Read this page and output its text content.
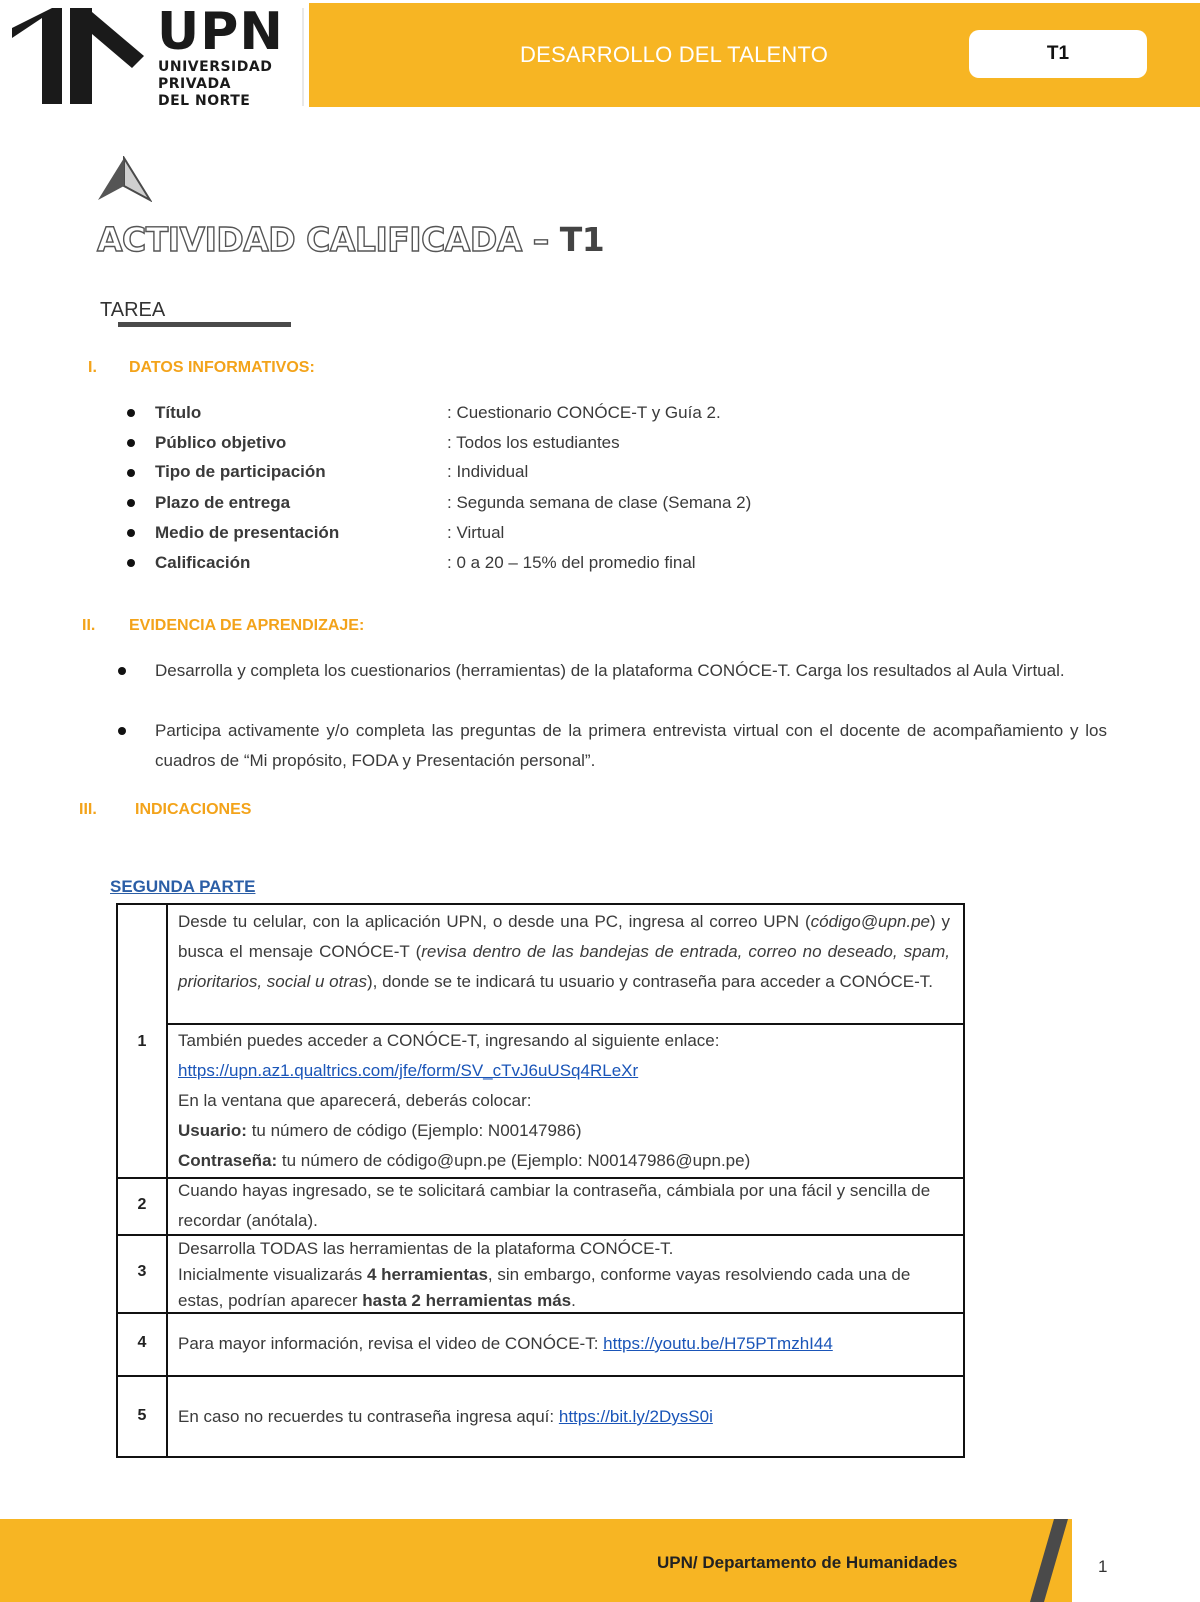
UPN
UNIVERSIDAD
PRIVADA
DEL NORTE
DESARROLLO DEL TALENTO	T1
ACTIVIDAD CALIFICADA – T1
TAREA
I. DATOS INFORMATIVOS:
Título	: Cuestionario CONÓCE-T y Guía 2.
Público objetivo	: Todos los estudiantes
Tipo de participación	: Individual
Plazo de entrega	: Segunda semana de clase (Semana 2)
Medio de presentación	: Virtual
Calificación	: 0 a 20 – 15% del promedio final
II. EVIDENCIA DE APRENDIZAJE:
Desarrolla y completa los cuestionarios (herramientas) de la plataforma CONÓCE-T. Carga los resultados al Aula Virtual.
Participa activamente y/o completa las preguntas de la primera entrevista virtual con el docente de acompañamiento y los cuadros de “Mi propósito, FODA y Presentación personal”.
III. INDICACIONES
SEGUNDA PARTE
1
Desde tu celular, con la aplicación UPN, o desde una PC, ingresa al correo UPN (código@upn.pe) y busca el mensaje CONÓCE-T (revisa dentro de las bandejas de entrada, correo no deseado, spam, prioritarios, social u otras), donde se te indicará tu usuario y contraseña para acceder a CONÓCE-T.
También puedes acceder a CONÓCE-T, ingresando al siguiente enlace:
https://upn.az1.qualtrics.com/jfe/form/SV_cTvJ6uUSq4RLeXr
En la ventana que aparecerá, deberás colocar:
Usuario: tu número de código (Ejemplo: N00147986)
Contraseña: tu número de código@upn.pe (Ejemplo: N00147986@upn.pe)
2
Cuando hayas ingresado, se te solicitará cambiar la contraseña, cámbiala por una fácil y sencilla de recordar (anótala).
3
Desarrolla TODAS las herramientas de la plataforma CONÓCE-T.
Inicialmente visualizarás 4 herramientas, sin embargo, conforme vayas resolviendo cada una de estas, podrían aparecer hasta 2 herramientas más.
4	Para mayor información, revisa el video de CONÓCE-T: https://youtu.be/H75PTmzhI44
5	En caso no recuerdes tu contraseña ingresa aquí: https://bit.ly/2DysS0i
UPN/ Departamento de Humanidades	1
